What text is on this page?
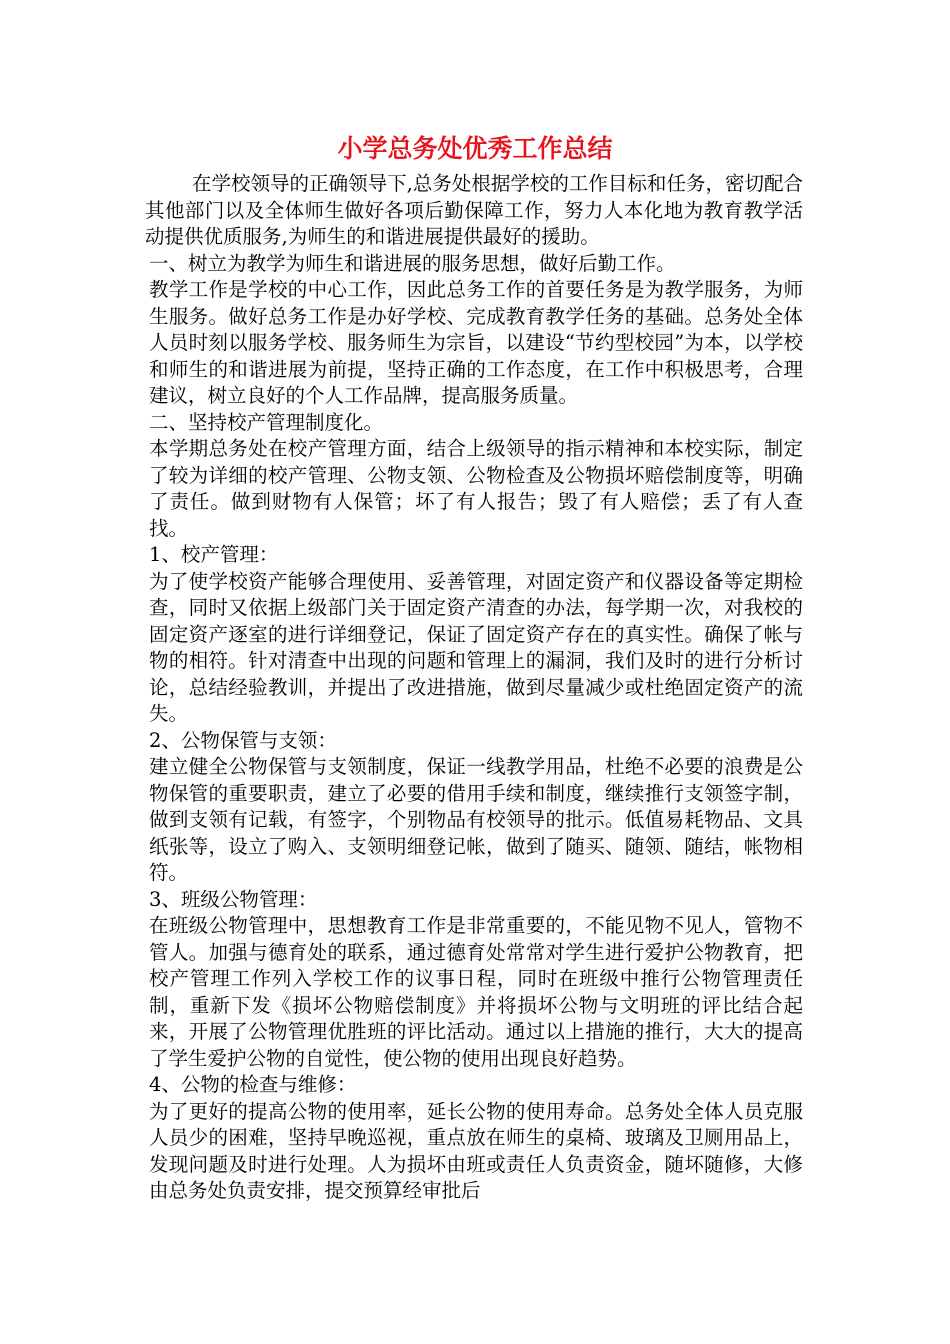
小学总务处优秀工作总结

在学校领导的正确领导下,总务处根据学校的工作目标和任务，密切配合其他部门以及全体师生做好各项后勤保障工作，努力人本化地为教育教学活动提供优质服务,为师生的和谐进展提供最好的援助。

一、树立为教学为师生和谐进展的服务思想，做好后勤工作。

教学工作是学校的中心工作，因此总务工作的首要任务是为教学服务，为师生服务。做好总务工作是办好学校、完成教育教学任务的基础。总务处全体人员时刻以服务学校、服务师生为宗旨，以建设“节约型校园”为本，以学校和师生的和谐进展为前提，坚持正确的工作态度，在工作中积极思考，合理建议，树立良好的个人工作品牌，提高服务质量。

二、坚持校产管理制度化。

本学期总务处在校产管理方面，结合上级领导的指示精神和本校实际，制定了较为详细的校产管理、公物支领、公物检查及公物损坏赔偿制度等，明确了责任。做到财物有人保管；坏了有人报告；毁了有人赔偿；丢了有人查找。

1、校产管理：

为了使学校资产能够合理使用、妥善管理，对固定资产和仪器设备等定期检查，同时又依据上级部门关于固定资产清查的办法，每学期一次，对我校的固定资产逐室的进行详细登记，保证了固定资产存在的真实性。确保了帐与物的相符。针对清查中出现的问题和管理上的漏洞，我们及时的进行分析讨论，总结经验教训，并提出了改进措施，做到尽量减少或杜绝固定资产的流失。

2、公物保管与支领：

建立健全公物保管与支领制度，保证一线教学用品，杜绝不必要的浪费是公物保管的重要职责，建立了必要的借用手续和制度，继续推行支领签字制，做到支领有记载，有签字，个别物品有校领导的批示。低值易耗物品、文具纸张等，设立了购入、支领明细登记帐，做到了随买、随领、随结，帐物相符。

3、班级公物管理：

在班级公物管理中，思想教育工作是非常重要的，不能见物不见人，管物不管人。加强与德育处的联系，通过德育处常常对学生进行爱护公物教育，把校产管理工作列入学校工作的议事日程，同时在班级中推行公物管理责任制，重新下发《损坏公物赔偿制度》并将损坏公物与文明班的评比结合起来，开展了公物管理优胜班的评比活动。通过以上措施的推行，大大的提高了学生爱护公物的自觉性，使公物的使用出现良好趋势。

4、公物的检查与维修：

为了更好的提高公物的使用率，延长公物的使用寿命。总务处全体人员克服人员少的困难，坚持早晚巡视，重点放在师生的桌椅、玻璃及卫厕用品上，发现问题及时进行处理。人为损坏由班或责任人负责资金，随坏随修，大修由总务处负责安排，提交预算经审批后
